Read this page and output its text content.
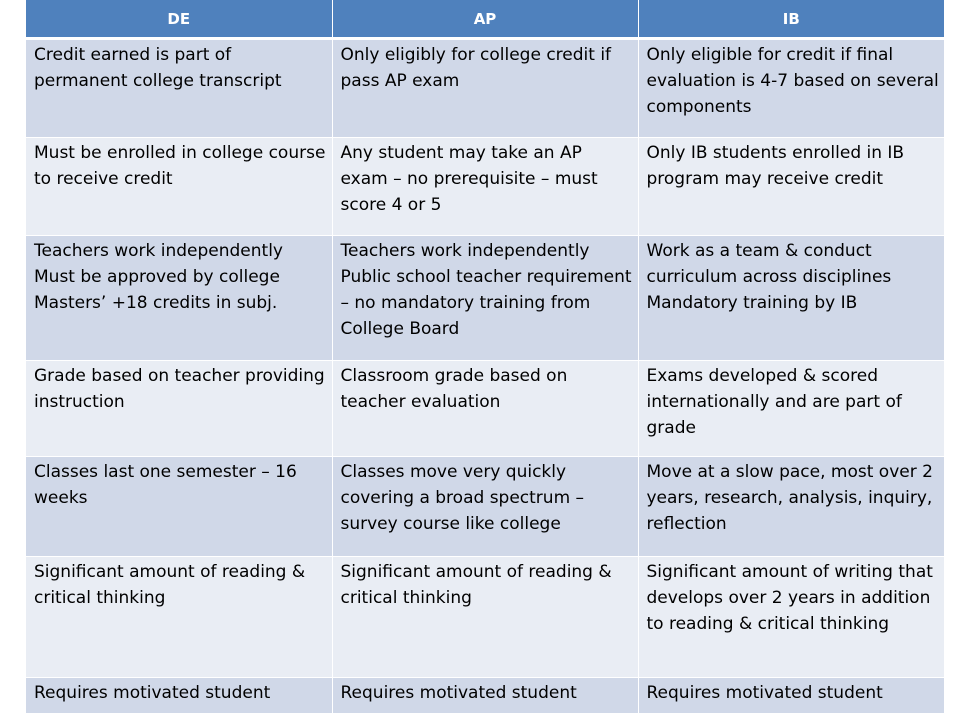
DE	AP	IB
Credit earned is part of permanent college transcript	Only eligibly for college credit if pass AP exam	Only eligible for credit if final evaluation is 4-7 based on several components
Must be enrolled in college course to receive credit	Any student may take an AP exam – no prerequisite – must score 4 or 5	Only IB students enrolled in IB program may receive credit
Teachers work independently Must be approved by college Masters’ +18 credits in subj.	Teachers work independently Public school teacher requirement – no mandatory training from College Board	Work as a team & conduct curriculum across disciplines Mandatory training by IB
Grade based on teacher providing instruction	Classroom grade based on teacher evaluation	Exams developed & scored internationally and are part of grade
Classes last one semester – 16 weeks	Classes move very quickly covering a broad spectrum – survey course like college	Move at a slow pace, most over 2 years, research, analysis, inquiry, reflection
Significant amount of reading & critical thinking	Significant amount of reading & critical thinking	Significant amount of writing that develops over 2 years in addition to reading & critical thinking
Requires motivated student	Requires motivated student	Requires motivated student
